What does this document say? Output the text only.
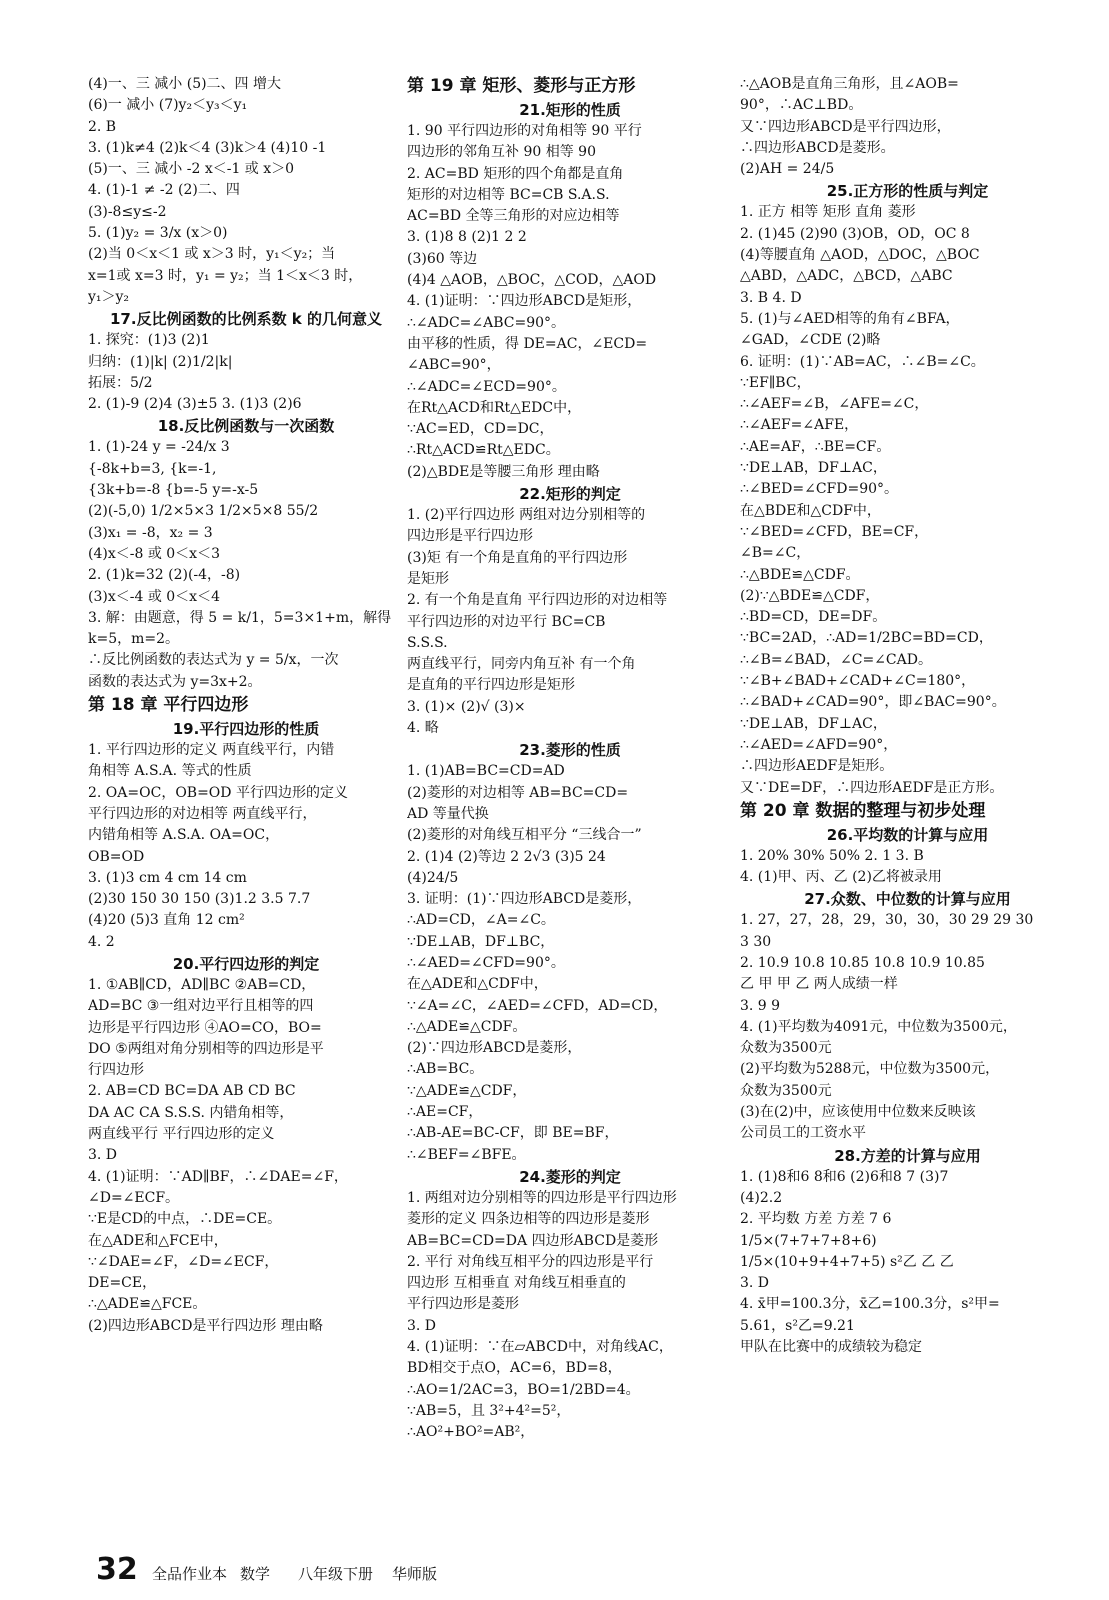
(4)一、三 减小 (5)二、四 增大
(6)一 减小 (7)y₂＜y₃＜y₁
2. B
3. (1)k≠4 (2)k＜4 (3)k＞4 (4)10 -1
(5)一、三 减小 -2 x＜-1 或 x＞0
4. (1)-1 ≠ -2 (2)二、四
(3)-8≤y≤-2
5. (1)y₂ = 3/x (x＞0)
(2)当 0＜x＜1 或 x＞3 时，y₁＜y₂；当
x=1或 x=3 时，y₁ = y₂；当 1＜x＜3 时，
y₁＞y₂
17.反比例函数的比例系数 k 的几何意义
1. 探究：(1)3 (2)1
归纳：(1)|k| (2)1/2|k|
拓展：5/2
2. (1)-9 (2)4 (3)±5 3. (1)3 (2)6
18.反比例函数与一次函数
1. (1)-24 y = -24/x 3
{-8k+b=3, {k=-1,
{3k+b=-8 {b=-5 y=-x-5
(2)(-5,0) 1/2×5×3 1/2×5×8 55/2
(3)x₁ = -8，x₂ = 3
(4)x＜-8 或 0＜x＜3
2. (1)k=32 (2)(-4，-8)
(3)x＜-4 或 0＜x＜4
3. 解：由题意，得 5 = k/1，5=3×1+m，解得
k=5，m=2。
∴反比例函数的表达式为 y = 5/x，一次
函数的表达式为 y=3x+2。
第 18 章 平行四边形
19.平行四边形的性质
1. 平行四边形的定义 两直线平行，内错
角相等 A.S.A. 等式的性质
2. OA=OC，OB=OD 平行四边形的定义
平行四边形的对边相等 两直线平行，
内错角相等 A.S.A. OA=OC，
OB=OD
3. (1)3 cm 4 cm 14 cm
(2)30 150 30 150 (3)1.2 3.5 7.7
(4)20 (5)3 直角 12 cm²
4. 2
20.平行四边形的判定
1. ①AB∥CD，AD∥BC ②AB=CD，
AD=BC ③一组对边平行且相等的四
边形是平行四边形 ④AO=CO，BO=
DO ⑤两组对角分别相等的四边形是平
行四边形
2. AB=CD BC=DA AB CD BC
DA AC CA S.S.S. 内错角相等，
两直线平行 平行四边形的定义
3. D
4. (1)证明：∵AD∥BF，∴∠DAE=∠F，
∠D=∠ECF。
∵E是CD的中点，∴DE=CE。
在△ADE和△FCE中，
∵∠DAE=∠F，∠D=∠ECF，
DE=CE，
∴△ADE≌△FCE。
(2)四边形ABCD是平行四边形 理由略
第 19 章 矩形、菱形与正方形
21.矩形的性质
1. 90 平行四边形的对角相等 90 平行
四边形的邻角互补 90 相等 90
2. AC=BD 矩形的四个角都是直角
矩形的对边相等 BC=CB S.A.S.
AC=BD 全等三角形的对应边相等
3. (1)8 8 (2)1 2 2
(3)60 等边
(4)4 △AOB，△BOC，△COD，△AOD
4. (1)证明：∵四边形ABCD是矩形，
∴∠ADC=∠ABC=90°。
由平移的性质，得 DE=AC，∠ECD=
∠ABC=90°，
∴∠ADC=∠ECD=90°。
在Rt△ACD和Rt△EDC中，
∵AC=ED，CD=DC，
∴Rt△ACD≌Rt△EDC。
(2)△BDE是等腰三角形 理由略
22.矩形的判定
1. (2)平行四边形 两组对边分别相等的
四边形是平行四边形
(3)矩 有一个角是直角的平行四边形
是矩形
2. 有一个角是直角 平行四边形的对边相等
平行四边形的对边平行 BC=CB
S.S.S.
两直线平行，同旁内角互补 有一个角
是直角的平行四边形是矩形
3. (1)× (2)√ (3)×
4. 略
23.菱形的性质
1. (1)AB=BC=CD=AD
(2)菱形的对边相等 AB=BC=CD=
AD 等量代换
(2)菱形的对角线互相平分 “三线合一”
2. (1)4 (2)等边 2 2√3 (3)5 24
(4)24/5
3. 证明：(1)∵四边形ABCD是菱形，
∴AD=CD，∠A=∠C。
∵DE⊥AB，DF⊥BC，
∴∠AED=∠CFD=90°。
在△ADE和△CDF中，
∵∠A=∠C，∠AED=∠CFD，AD=CD，
∴△ADE≌△CDF。
(2)∵四边形ABCD是菱形，
∴AB=BC。
∵△ADE≌△CDF，
∴AE=CF，
∴AB-AE=BC-CF，即 BE=BF，
∴∠BEF=∠BFE。
24.菱形的判定
1. 两组对边分别相等的四边形是平行四边形
菱形的定义 四条边相等的四边形是菱形
AB=BC=CD=DA 四边形ABCD是菱形
2. 平行 对角线互相平分的四边形是平行
四边形 互相垂直 对角线互相垂直的
平行四边形是菱形
3. D
4. (1)证明：∵在▱ABCD中，对角线AC，
BD相交于点O，AC=6，BD=8，
∴AO=1/2AC=3，BO=1/2BD=4。
∵AB=5，且 3²+4²=5²，
∴AO²+BO²=AB²，
∴△AOB是直角三角形，且∠AOB=
90°，∴AC⊥BD。
又∵四边形ABCD是平行四边形，
∴四边形ABCD是菱形。
(2)AH = 24/5
25.正方形的性质与判定
1. 正方 相等 矩形 直角 菱形
2. (1)45 (2)90 (3)OB，OD，OC 8
(4)等腰直角 △AOD，△DOC，△BOC
△ABD，△ADC，△BCD，△ABC
3. B 4. D
5. (1)与∠AED相等的角有∠BFA，
∠GAD，∠CDE (2)略
6. 证明：(1)∵AB=AC，∴∠B=∠C。
∵EF∥BC，
∴∠AEF=∠B，∠AFE=∠C，
∴∠AEF=∠AFE，
∴AE=AF，∴BE=CF。
∵DE⊥AB，DF⊥AC，
∴∠BED=∠CFD=90°。
在△BDE和△CDF中，
∵∠BED=∠CFD，BE=CF，
∠B=∠C，
∴△BDE≌△CDF。
(2)∵△BDE≌△CDF，
∴BD=CD，DE=DF。
∵BC=2AD，∴AD=1/2BC=BD=CD，
∴∠B=∠BAD，∠C=∠CAD。
∵∠B+∠BAD+∠CAD+∠C=180°，
∴∠BAD+∠CAD=90°，即∠BAC=90°。
∵DE⊥AB，DF⊥AC，
∴∠AED=∠AFD=90°，
∴四边形AEDF是矩形。
又∵DE=DF，∴四边形AEDF是正方形。
第 20 章 数据的整理与初步处理
26.平均数的计算与应用
1. 20% 30% 50% 2. 1 3. B
4. (1)甲、丙、乙 (2)乙将被录用
27.众数、中位数的计算与应用
1. 27，27，28，29，30，30，30 29 29 30
3 30
2. 10.9 10.8 10.85 10.8 10.9 10.85
乙 甲 甲 乙 两人成绩一样
3. 9 9
4. (1)平均数为4091元，中位数为3500元，
众数为3500元
(2)平均数为5288元，中位数为3500元，
众数为3500元
(3)在(2)中，应该使用中位数来反映该
公司员工的工资水平
28.方差的计算与应用
1. (1)8和6 8和6 (2)6和8 7 (3)7
(4)2.2
2. 平均数 方差 方差 7 6
1/5×(7+7+7+8+6)
1/5×(10+9+4+7+5) s²乙 乙 乙
3. D
4. x̄甲=100.3分，x̄乙=100.3分，s²甲=
5.61，s²乙=9.21
甲队在比赛中的成绩较为稳定
32 全品作业本 数学 八年级下册 华师版
